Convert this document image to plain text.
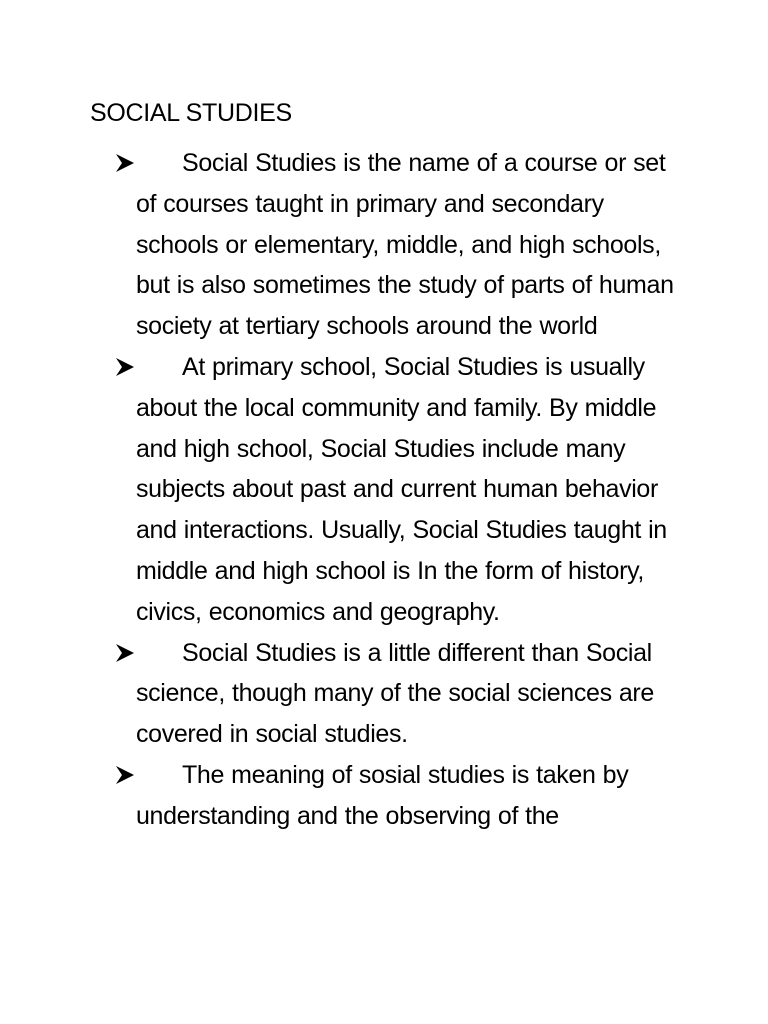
SOCIAL STUDIES
Social Studies is the name of a course or set of courses taught in primary and secondary schools or elementary, middle, and high schools, but is also sometimes the study of parts of human society at tertiary schools around the world
At primary school, Social Studies is usually about the local community and family. By middle and high school, Social Studies include many subjects about past and current human behavior and interactions. Usually, Social Studies taught in middle and high school is In the form of history, civics, economics and geography.
Social Studies is a little different than Social science, though many of the social sciences are covered in social studies.
The meaning of sosial studies is taken by understanding and the observing of the
